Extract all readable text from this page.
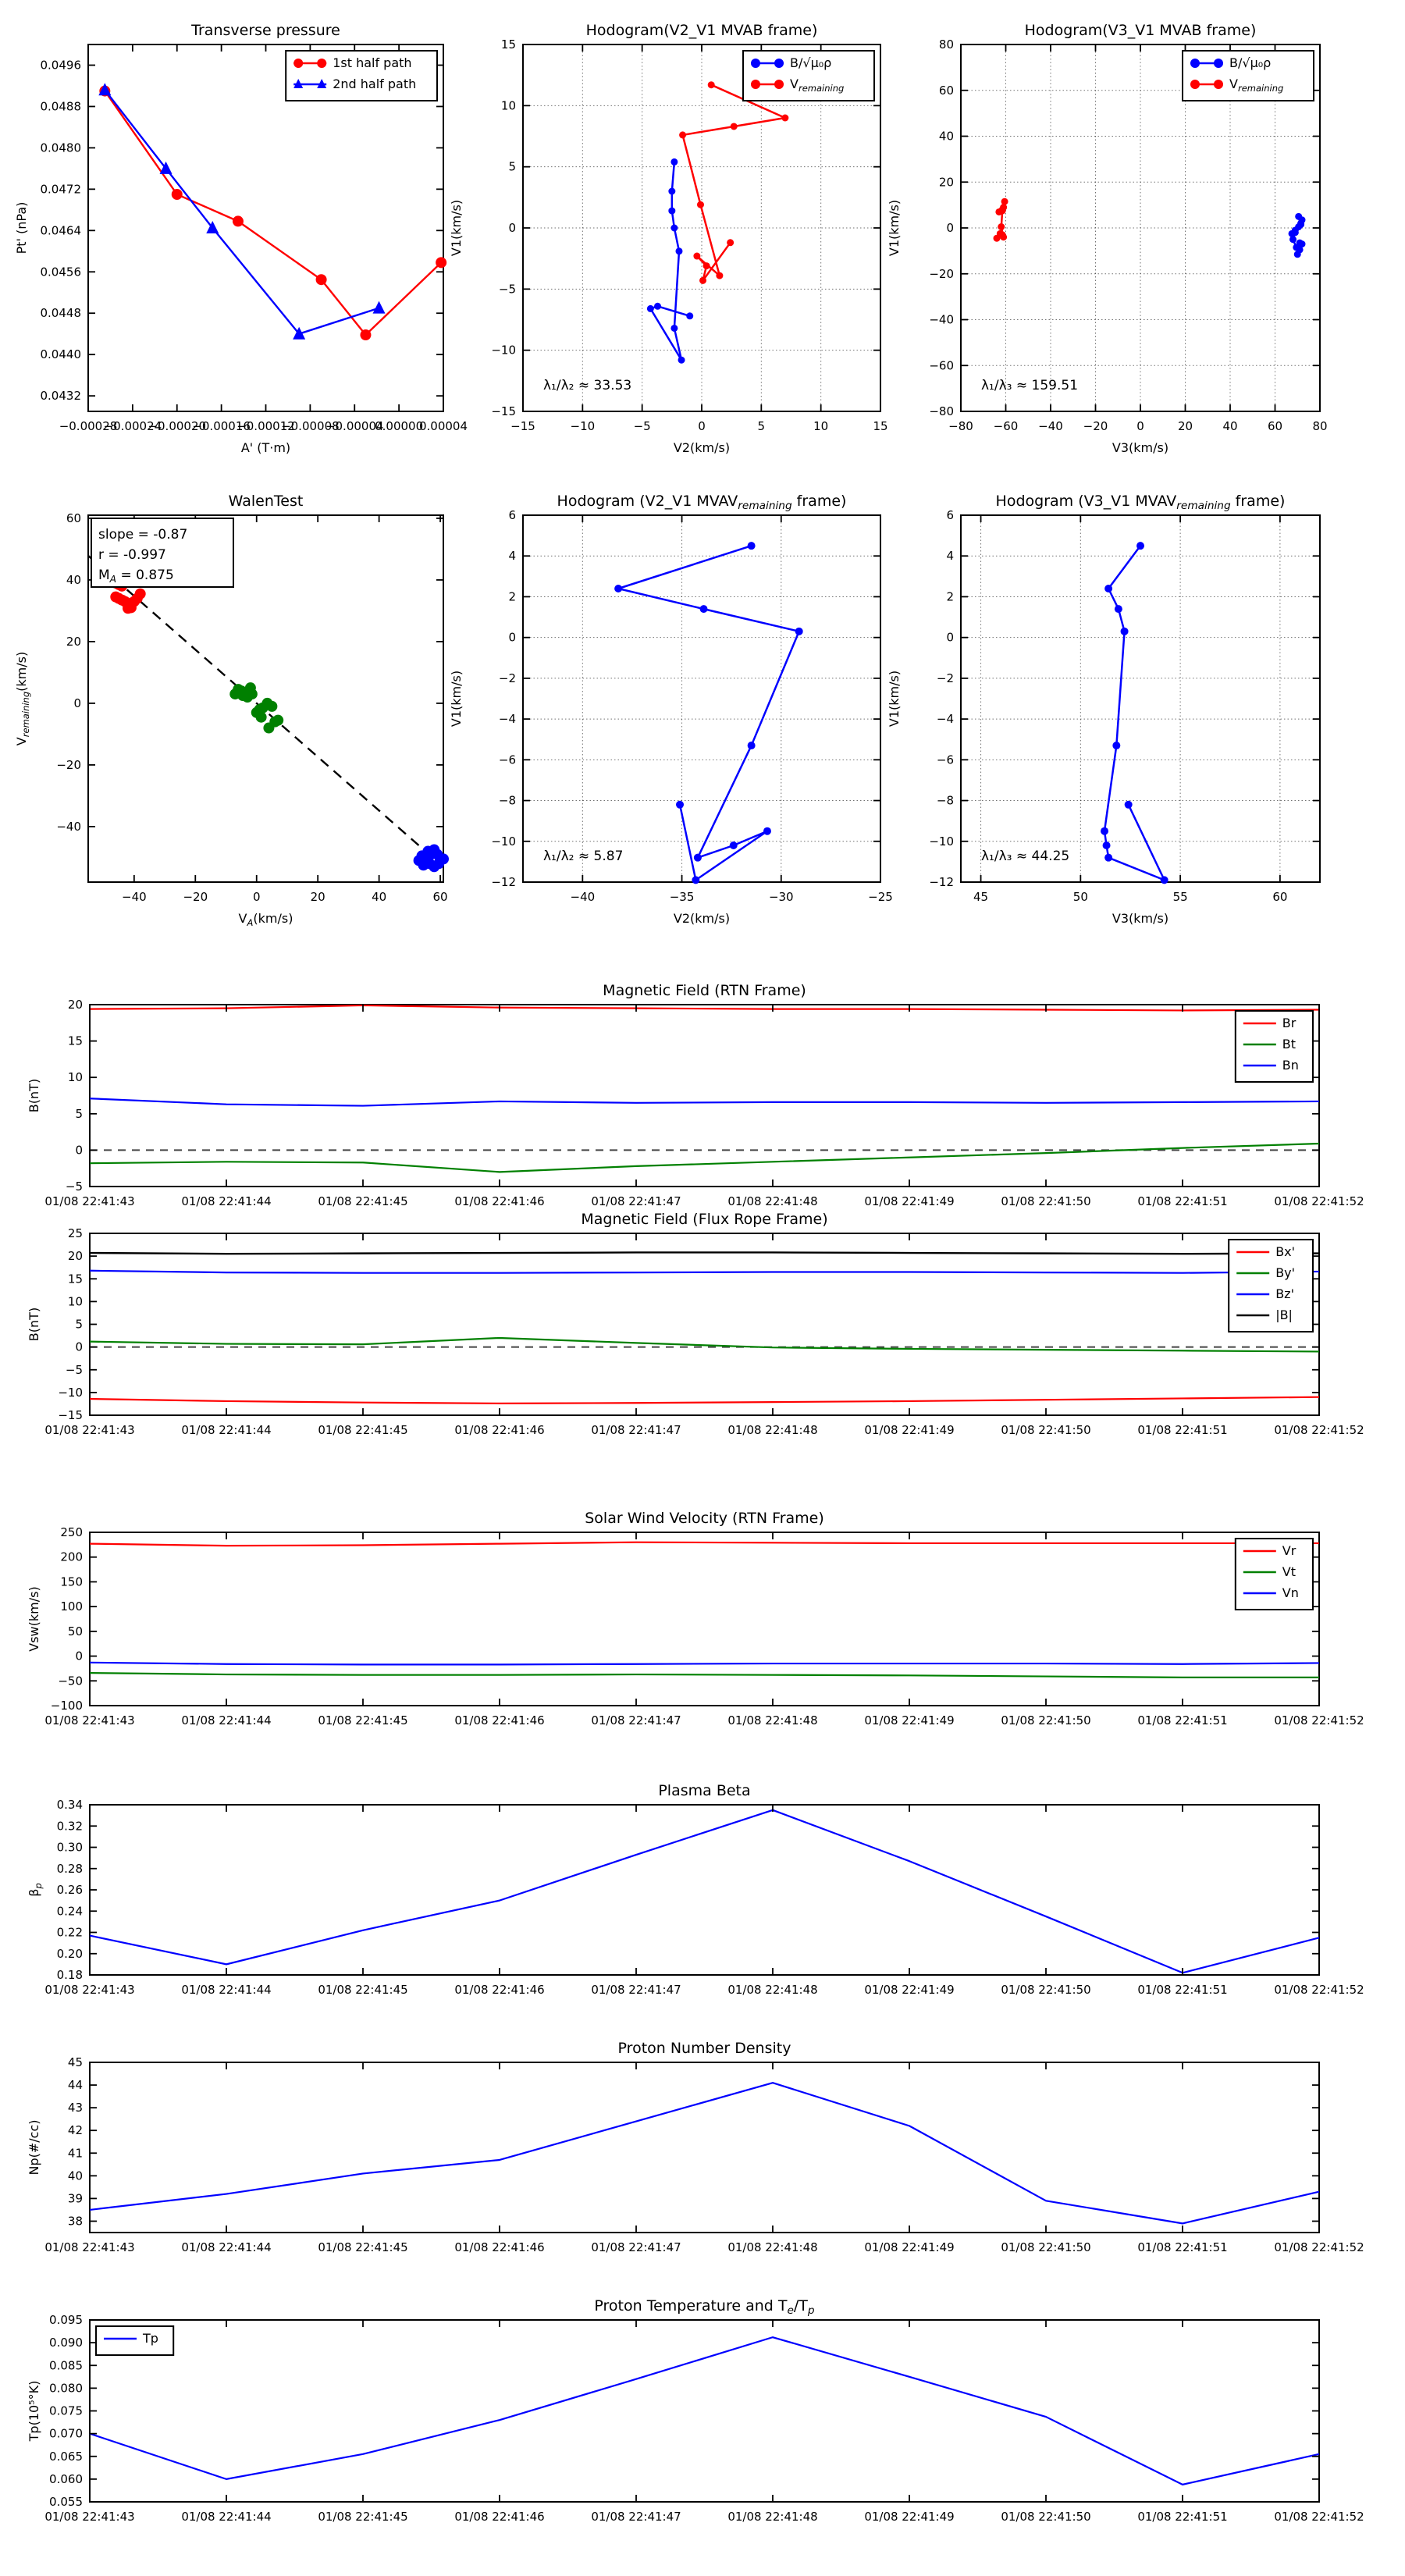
−0.00028
−0.00024
−0.00020
−0.00016
−0.00012
−0.00008
−0.00004
0.00000
0.00004
0.0432
0.0440
0.0448
0.0456
0.0464
0.0472
0.0480
0.0488
0.0496
Transverse pressure
A' (T·m)
Pt' (nPa)
1st half path
2nd half path
−15	−10	−5	0	5	10	15
−15
−10
−5
0
5
10
15
Hodogram(V2_V1 MVAB frame)
V2(km/s)
V1(km/s)
λ₁/λ₂ ≈ 33.53
B/√μ₀ρ
$V_{remaining}$
−80 −60 −40 −20 0	20	40	60	80
−80
−60
−40
−20
0
20
40
60
80
Hodogram(V3_V1 MVAB frame)
V3(km/s)
V1(km/s)
λ₁/λ₃ ≈ 159.51
B/√μ₀ρ
$V_{remaining}$
−40	−20	0	20	40	60
−40
−20
0
20
40
60
WalenTest
$V_A(km/s)$
$V_{remaining}(km/s)$
slope = -0.87
r = -0.997
$M_A = 0.875$
−40	−35	−30	−25
−12
−10
−8
−6
−4
−2
0
2
4
6
Hodogram (V2_V1 $MVAV_{remaining}$ frame)
V2(km/s)
V1(km/s)
λ₁/λ₂ ≈ 5.87
45	50	55	60
−12
−10
−8
−6
−4
−2
0
2
4
6
Hodogram (V3_V1 $MVAV_{remaining}$ frame)
V3(km/s)
V1(km/s)
λ₁/λ₃ ≈ 44.25
01/08 22:41:43	01/08 22:41:44	01/08 22:41:45	01/08 22:41:46	01/08 22:41:47	01/08 22:41:48	01/08 22:41:49	01/08 22:41:50	01/08 22:41:51	01/08 22:41:52
−5
0
5
10
15
20
Magnetic Field (RTN Frame)
B(nT)
Br
Bt
Bn
01/08 22:41:43	01/08 22:41:44	01/08 22:41:45	01/08 22:41:46	01/08 22:41:47	01/08 22:41:48	01/08 22:41:49	01/08 22:41:50	01/08 22:41:51	01/08 22:41:52
−15
−10
−5
0
5
10
15
20
25
Magnetic Field (Flux Rope Frame)
B(nT)
Bx'
By'
Bz'
|B|
01/08 22:41:43	01/08 22:41:44	01/08 22:41:45	01/08 22:41:46	01/08 22:41:47	01/08 22:41:48	01/08 22:41:49	01/08 22:41:50	01/08 22:41:51	01/08 22:41:52
−100
−50
0
50
100
150
200
250
Solar Wind Velocity (RTN Frame)
Vsw(km/s)
Vr
Vt
Vn
01/08 22:41:43	01/08 22:41:44	01/08 22:41:45	01/08 22:41:46	01/08 22:41:47	01/08 22:41:48	01/08 22:41:49	01/08 22:41:50	01/08 22:41:51	01/08 22:41:52
0.18
0.20
0.22
0.24
0.26
0.28
0.30
0.32
0.34
Plasma Beta
$\beta_p$
01/08 22:41:43	01/08 22:41:44	01/08 22:41:45	01/08 22:41:46	01/08 22:41:47	01/08 22:41:48	01/08 22:41:49	01/08 22:41:50	01/08 22:41:51	01/08 22:41:52
38
39
40
41
42
43
44
45
Proton Number Density
Np(#/cc)
01/08 22:41:43	01/08 22:41:44	01/08 22:41:45	01/08 22:41:46	01/08 22:41:47	01/08 22:41:48	01/08 22:41:49	01/08 22:41:50	01/08 22:41:51	01/08 22:41:52
0.055
0.060
0.065
0.070
0.075
0.080
0.085
0.090
0.095
Proton Temperature and $T_e/T_p$
Tp(10⁵°K)
Tp
